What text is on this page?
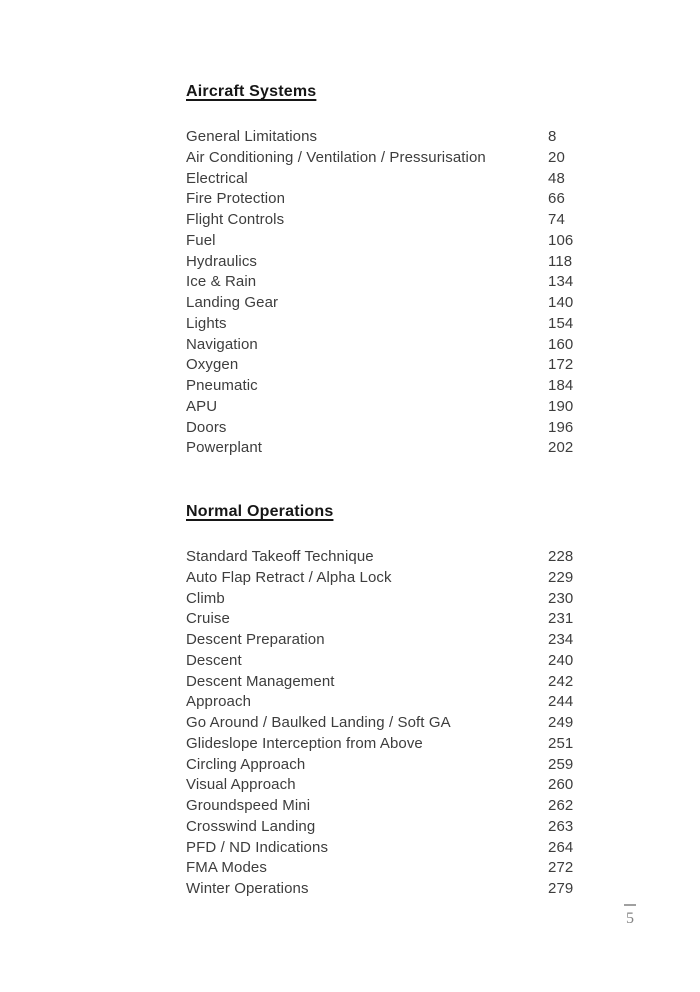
Aircraft Systems
General Limitations	8
Air Conditioning / Ventilation / Pressurisation	20
Electrical	48
Fire Protection	66
Flight Controls	74
Fuel	106
Hydraulics	118
Ice & Rain	134
Landing Gear	140
Lights	154
Navigation	160
Oxygen	172
Pneumatic	184
APU	190
Doors	196
Powerplant	202
Normal Operations
Standard Takeoff Technique	228
Auto Flap Retract / Alpha Lock	229
Climb	230
Cruise	231
Descent Preparation	234
Descent	240
Descent Management	242
Approach	244
Go Around / Baulked Landing / Soft GA	249
Glideslope Interception from Above	251
Circling Approach	259
Visual Approach	260
Groundspeed Mini	262
Crosswind Landing	263
PFD / ND Indications	264
FMA Modes	272
Winter Operations	279
5
